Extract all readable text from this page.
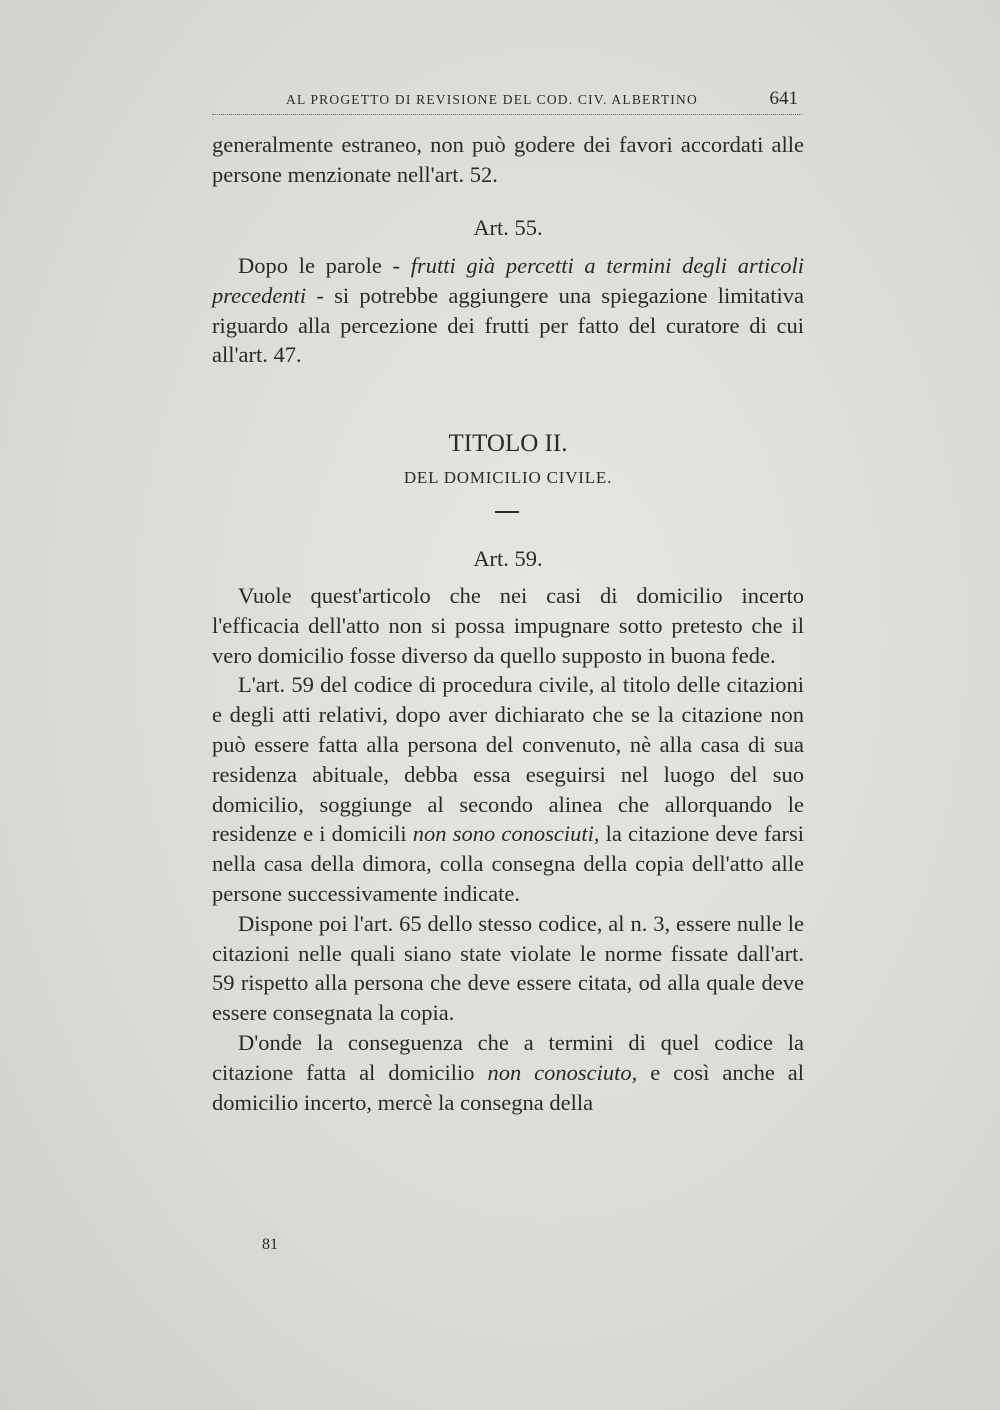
AL PROGETTO DI REVISIONE DEL COD. CIV. ALBERTINO	641

generalmente estraneo, non può godere dei favori accordati alle persone menzionate nell'art. 52.

Art. 55.

Dopo le parole - frutti già percetti a termini degli articoli precedenti - si potrebbe aggiungere una spiegazione limitativa riguardo alla percezione dei frutti per fatto del curatore di cui all'art. 47.

TITOLO II.
DEL DOMICILIO CIVILE.
Art. 59.

Vuole quest'articolo che nei casi di domicilio incerto l'efficacia dell'atto non si possa impugnare sotto pretesto che il vero domicilio fosse diverso da quello supposto in buona fede.

L'art. 59 del codice di procedura civile, al titolo delle citazioni e degli atti relativi, dopo aver dichiarato che se la citazione non può essere fatta alla persona del convenuto, nè alla casa di sua residenza abituale, debba essa eseguirsi nel luogo del suo domicilio, soggiunge al secondo alinea che allorquando le residenze e i domicili non sono conosciuti, la citazione deve farsi nella casa della dimora, colla consegna della copia dell'atto alle persone successivamente indicate.

Dispone poi l'art. 65 dello stesso codice, al n. 3, essere nulle le citazioni nelle quali siano state violate le norme fissate dall'art. 59 rispetto alla persona che deve essere citata, od alla quale deve essere consegnata la copia.

D'onde la conseguenza che a termini di quel codice la citazione fatta al domicilio non conosciuto, e così anche al domicilio incerto, mercè la consegna della

81
